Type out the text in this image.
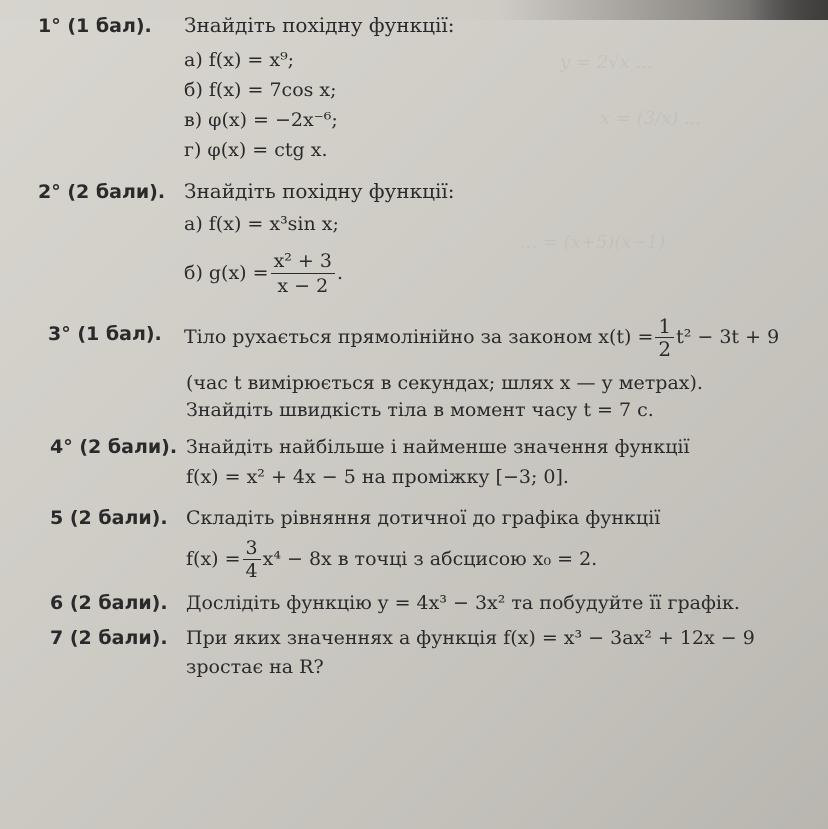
y = 2√x ...
x = (3/x) ...
... = (x+5)(x−1)
1° (1 бал). Знайдіть похідну функції:
а) f(x) = x⁹;
б) f(x) = 7cos x;
в) φ(x) = −2x⁻⁶;
г) φ(x) = ctg x.
2° (2 бали). Знайдіть похідну функції:
а) f(x) = x³sin x;
б) $g(x) = \frac{\text{x² + 3}}{x - 2}$ .
3° (1 бал). Тіло рухається прямолінійно за законом $x(t) = \frac{1}{2} t^2 - 3t + 9$
(час t вимірюється в секундах; шлях x — у метрах).
Знайдіть швидкість тіла в момент часу t = 7 с.
4° (2 бали). Знайдіть найбільше і найменше значення функції
f(x) = x² + 4x − 5 на проміжку [−3; 0].
5 (2 бали). Складіть рівняння дотичної до графіка функції
$f(x) = \frac{3}{4} x^4 - 8x$ в точці з абсцисою x₀ = 2.
6 (2 бали). Дослідіть функцію y = 4x³ − 3x² та побудуйте її графік.
7 (2 бали). При яких значеннях a функція f(x) = x³ − 3ax² + 12x − 9
зростає на R?
